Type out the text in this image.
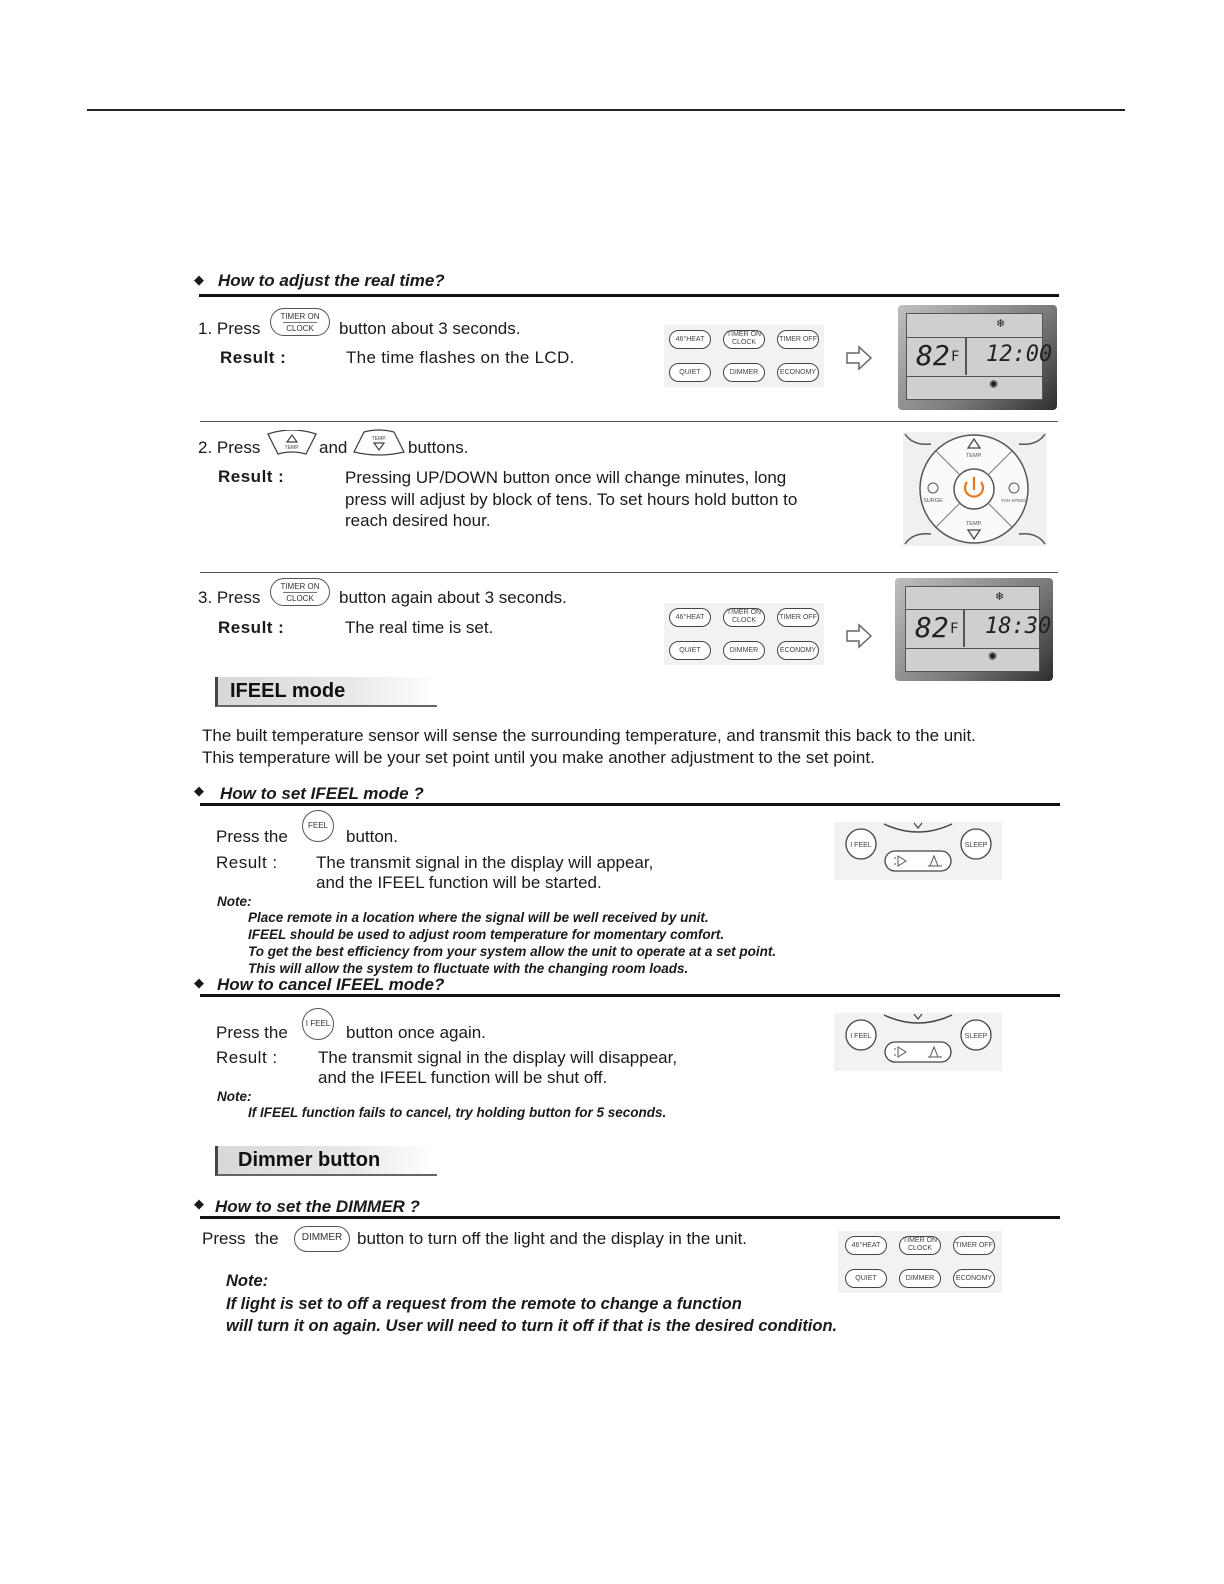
◆ How to adjust the real time?
1. Press
TIMER ON
CLOCK button about 3 seconds.
Result :	The time flashes on the LCD.
46°HEAT
TIMER ON
CLOCK	TIMER OFF
QUIET	DIMMER	ECONOMY
❄
82 F 12:00
✺
2. Press	TEMP. and	TEMP. buttons.
Result :	Pressing UP/DOWN button once will change minutes, long
press will adjust by block of tens. To set hours hold button to
reach desired hour.
TEMP.
TEMP.
SURGE	FAN SPEED
3. Press
TIMER ON
CLOCK button again about 3 seconds.
Result :	The real time is set.
46°HEAT
TIMER ON
CLOCK	TIMER OFF
QUIET	DIMMER	ECONOMY
❄
82 F 18:30
✺
IFEEL mode
The built temperature sensor will sense the surrounding temperature, and transmit this back to the unit.
This temperature will be your set point until you make another adjustment to the set point.
◆ How to set IFEEL mode ?
Press the
FEEL
button.
Result : The transmit signal in the display will appear,
and the IFEEL function will be started.
Note:
Place remote in a location where the signal will be well received by unit.
IFEEL should be used to adjust room temperature for momentary comfort.
To get the best efficiency from your system allow the unit to operate at a set point.
This will allow the system to fluctuate with the changing room loads.
I FEEL	SLEEP
◆ How to cancel IFEEL mode?
Press the	I FEEL button once again.
Result : The transmit signal in the display will disappear,
and the IFEEL function will be shut off.
Note:
If IFEEL function fails to cancel, try holding button for 5 seconds.
I FEEL	SLEEP
Dimmer button
◆ How to set the DIMMER ?
Press  the	DIMMER button to turn off the light and the display in the unit.
Note:
If light is set to off a request from the remote to change a function
will turn it on again. User will need to turn it off if that is the desired condition.
46°HEAT
TIMER ON
CLOCK	TIMER OFF
QUIET	DIMMER	ECONOMY
